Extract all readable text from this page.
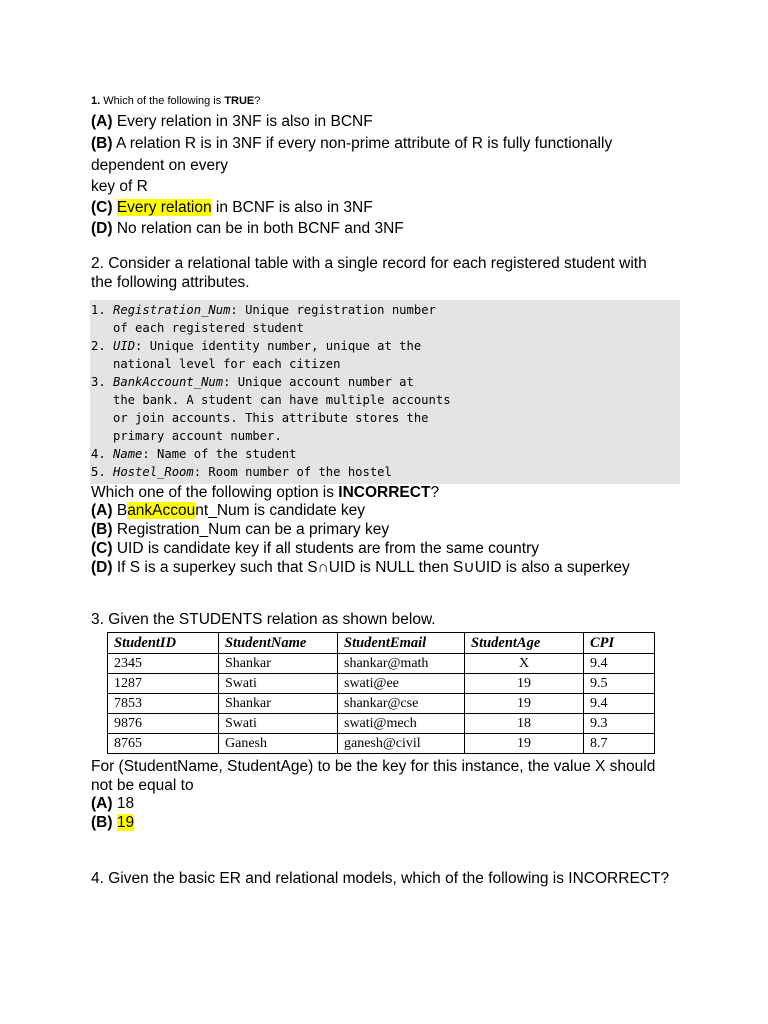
1. Which of the following is TRUE?
(A) Every relation in 3NF is also in BCNF
(B) A relation R is in 3NF if every non-prime attribute of R is fully functionally
dependent on every
key of R
(C) Every relation in BCNF is also in 3NF
(D) No relation can be in both BCNF and 3NF
2. Consider a relational table with a single record for each registered student with
the following attributes.
1. Registration_Num: Unique registration number
of each registered student
2. UID: Unique identity number, unique at the
national level for each citizen
3. BankAccount_Num: Unique account number at
the bank. A student can have multiple accounts
or join accounts. This attribute stores the
primary account number.
4. Name: Name of the student
5. Hostel_Room: Room number of the hostel
Which one of the following option is INCORRECT?
(A) BankAccount_Num is candidate key
(B) Registration_Num can be a primary key
(C) UID is candidate key if all students are from the same country
(D) If S is a superkey such that S∩UID is NULL then S∪UID is also a superkey
3. Given the STUDENTS relation as shown below.
StudentID	StudentName	StudentEmail	StudentAge	CPI
2345	Shankar	shankar@math	X	9.4
1287	Swati	swati@ee	19	9.5
7853	Shankar	shankar@cse	19	9.4
9876	Swati	swati@mech	18	9.3
8765	Ganesh	ganesh@civil	19	8.7
For (StudentName, StudentAge) to be the key for this instance, the value X should
not be equal to
(A) 18
(B) 19
4. Given the basic ER and relational models, which of the following is INCORRECT?
